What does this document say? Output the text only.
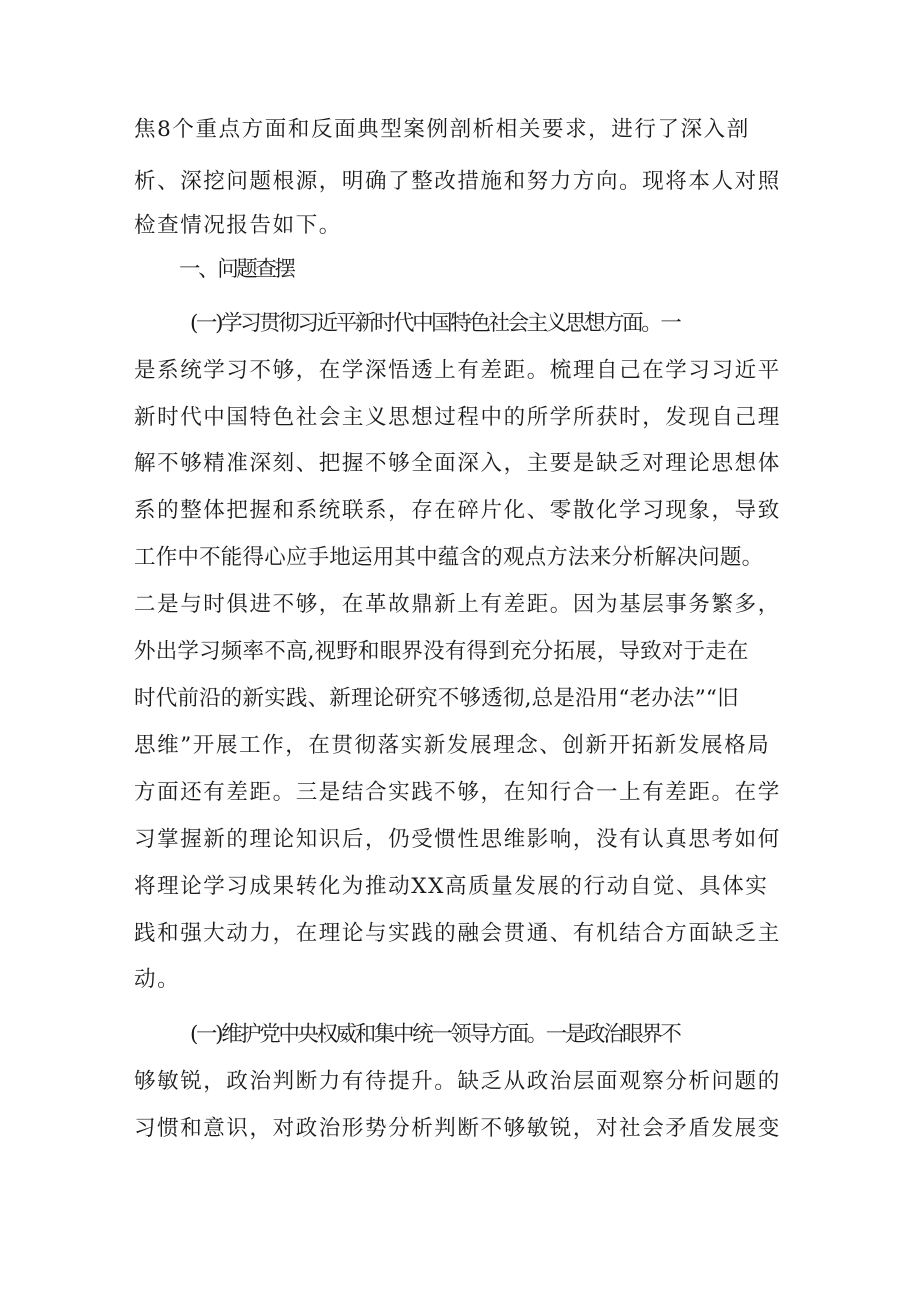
焦8个重点方面和反面典型案例剖析相关要求，进行了深入剖
析、深挖问题根源，明确了整改措施和努力方向。现将本人对照
检查情况报告如下。
一、问题查摆
(一)学习贯彻习近平新时代中国特色社会主义思想方面。一
是系统学习不够，在学深悟透上有差距。梳理自己在学习习近平
新时代中国特色社会主义思想过程中的所学所获时，发现自己理
解不够精准深刻、把握不够全面深入，主要是缺乏对理论思想体
系的整体把握和系统联系，存在碎片化、零散化学习现象，导致
工作中不能得心应手地运用其中蕴含的观点方法来分析解决问题。
二是与时俱进不够，在革故鼎新上有差距。因为基层事务繁多，
外出学习频率不高,视野和眼界没有得到充分拓展，导致对于走在
时代前沿的新实践、新理论研究不够透彻,总是沿用“老办法”“旧
思维”开展工作，在贯彻落实新发展理念、创新开拓新发展格局
方面还有差距。三是结合实践不够，在知行合一上有差距。在学
习掌握新的理论知识后，仍受惯性思维影响，没有认真思考如何
将理论学习成果转化为推动XX高质量发展的行动自觉、具体实
践和强大动力，在理论与实践的融会贯通、有机结合方面缺乏主
动。
(一)维护党中央权威和集中统一领导方面。一是政治眼界不
够敏锐，政治判断力有待提升。缺乏从政治层面观察分析问题的
习惯和意识，对政治形势分析判断不够敏锐，对社会矛盾发展变
